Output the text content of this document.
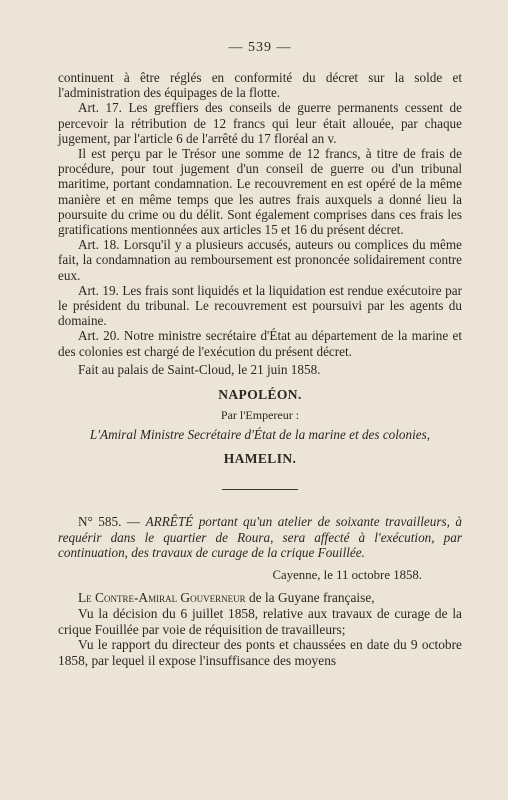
— 539 —

continuent à être réglés en conformité du décret sur la solde et l'administration des équipages de la flotte.

Art. 17. Les greffiers des conseils de guerre permanents cessent de percevoir la rétribution de 12 francs qui leur était allouée, par chaque jugement, par l'article 6 de l'arrêté du 17 floréal an v.

Il est perçu par le Trésor une somme de 12 francs, à titre de frais de procédure, pour tout jugement d'un conseil de guerre ou d'un tribunal maritime, portant condamnation. Le recouvrement en est opéré de la même manière et en même temps que les autres frais auxquels a donné lieu la poursuite du crime ou du délit. Sont également comprises dans ces frais les gratifications mentionnées aux articles 15 et 16 du présent décret.

Art. 18. Lorsqu'il y a plusieurs accusés, auteurs ou complices du même fait, la condamnation au remboursement est prononcée solidairement contre eux.

Art. 19. Les frais sont liquidés et la liquidation est rendue exécutoire par le président du tribunal. Le recouvrement est poursuivi par les agents du domaine.

Art. 20. Notre ministre secrétaire d'État au département de la marine et des colonies est chargé de l'exécution du présent décret.

Fait au palais de Saint-Cloud, le 21 juin 1858.

NAPOLÉON.
Par l'Empereur :
L'Amiral Ministre Secrétaire d'État de la marine et des colonies,
HAMELIN.

N° 585. — ARRÊTÉ portant qu'un atelier de soixante travailleurs, à requérir dans le quartier de Roura, sera affecté à l'exécution, par continuation, des travaux de curage de la crique Fouillée.

Cayenne, le 11 octobre 1858.

Le Contre-Amiral Gouverneur de la Guyane française,

Vu la décision du 6 juillet 1858, relative aux travaux de curage de la crique Fouillée par voie de réquisition de travailleurs;

Vu le rapport du directeur des ponts et chaussées en date du 9 octobre 1858, par lequel il expose l'insuffisance des moyens
